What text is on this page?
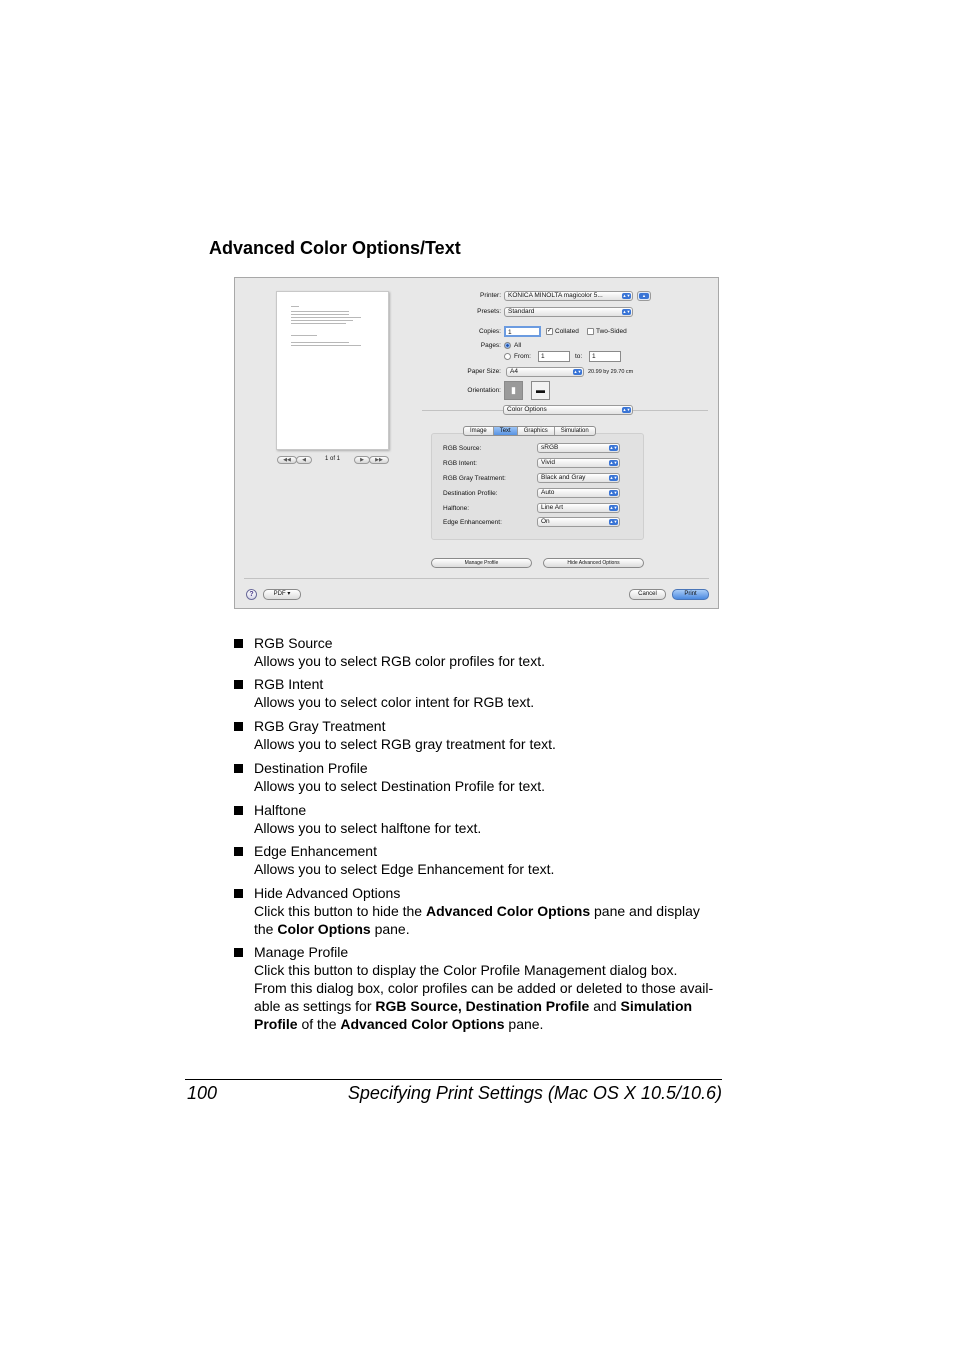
Advanced Color Options/Text
◀◀	◀	1 of 1	▶	▶▶
Printer:	KONICA MINOLTA magicolor 5...	▲▼	▲
Presets:	Standard	▲▼
Copies:	1	✓ Collated	Two-Sided
Pages: All
From:	1	to:	1
Paper Size:	A4	▲▼ 20.99 by 29.70 cm
Orientation:	▮	▬
Color Options	▲▼
Image	Text	Graphics	Simulation
RGB Source:	sRGB	▲▼
RGB Intent:	Vivid	▲▼
RGB Gray Treatment:	Black and Gray	▲▼
Destination Profile:	Auto	▲▼
Halftone:	Line Art	▲▼
Edge Enhancement:	On	▲▼
Manage Profile	Hide Advanced Options
?	PDF ▾	Cancel	Print
RGB Source
Allows you to select RGB color profiles for text.
RGB Intent
Allows you to select color intent for RGB text.
RGB Gray Treatment
Allows you to select RGB gray treatment for text.
Destination Profile
Allows you to select Destination Profile for text.
Halftone
Allows you to select halftone for text.
Edge Enhancement
Allows you to select Edge Enhancement for text.
Hide Advanced Options
Click this button to hide the Advanced Color Options pane and display
the Color Options pane.
Manage Profile
Click this button to display the Color Profile Management dialog box.
From this dialog box, color profiles can be added or deleted to those avail-
able as settings for RGB Source, Destination Profile and Simulation
Profile of the Advanced Color Options pane.
100	Specifying Print Settings (Mac OS X 10.5/10.6)
